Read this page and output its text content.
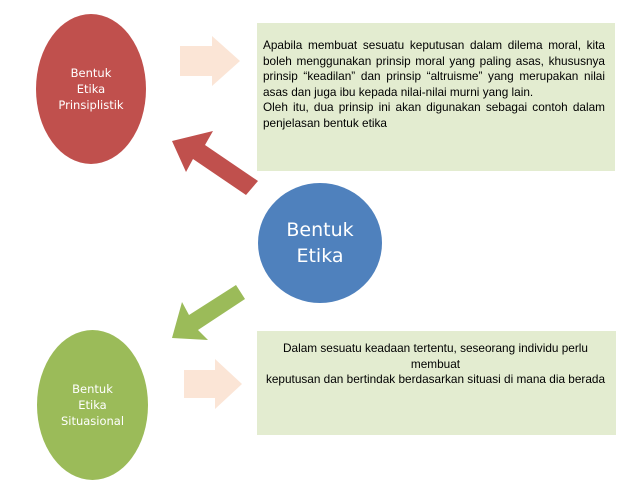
Bentuk
Etika
Prinsiplistik
Bentuk
Etika
Bentuk
Etika
Situasional
Apabila membuat sesuatu keputusan dalam dilema moral, kita boleh menggunakan prinsip moral yang paling asas, khususnya prinsip “keadilan” dan prinsip “altruisme” yang merupakan nilai asas dan juga ibu kepada nilai-nilai murni yang lain.
Oleh itu, dua prinsip ini akan digunakan sebagai contoh dalam penjelasan bentuk etika
Dalam sesuatu keadaan tertentu, seseorang individu perlu membuat
keputusan dan bertindak berdasarkan situasi di mana dia berada
